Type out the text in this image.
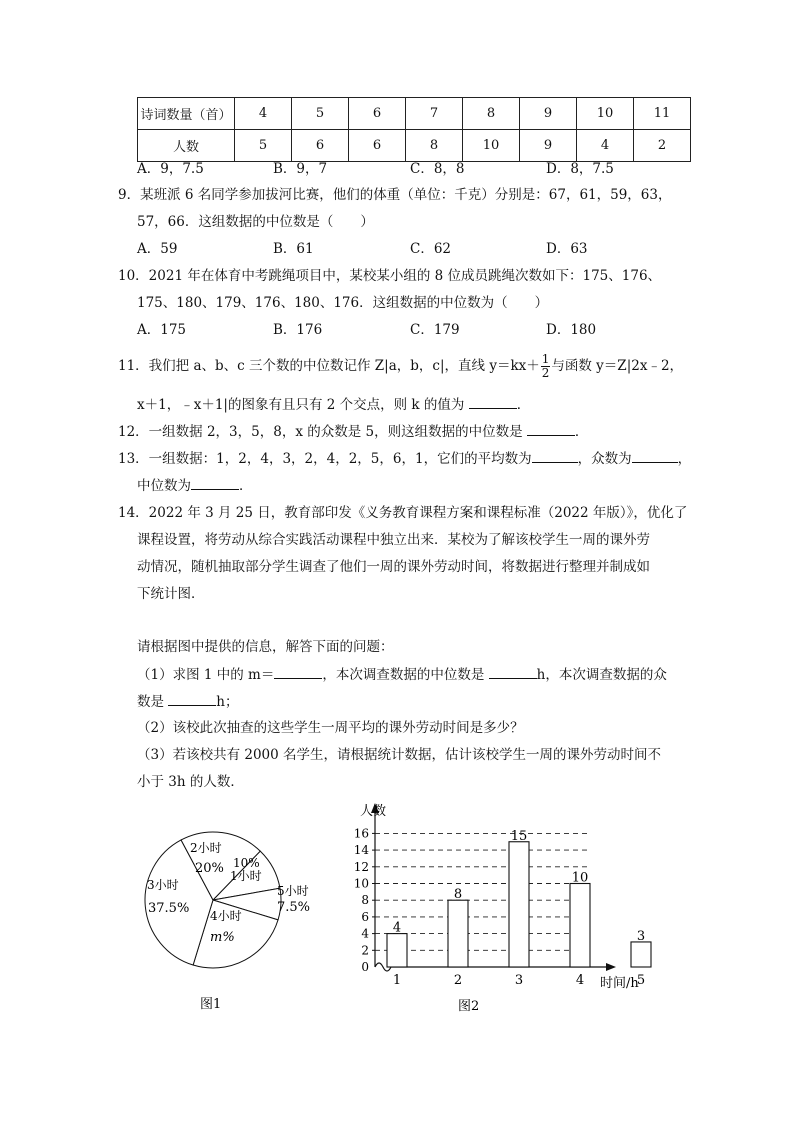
诗词数量（首）	4	5	6	7	8	9	10	11
人数	5	6	6	8	10	9	4	2
A．9，7.5	B．9，7	C．8，8	D．8，7.5
9．某班派 6 名同学参加拔河比赛，他们的体重（单位：千克）分别是：67，61，59，63，
57，66．这组数据的中位数是（　　）
A．59	B．61	C．62	D．63
10．2021 年在体育中考跳绳项目中，某校某小组的 8 位成员跳绳次数如下：175、176、
175、180、179、176、180、176．这组数据的中位数为（　　）
A．175	B．176	C．179	D．180
11．我们把 a、b、c 三个数的中位数记作 Z|a，b，c|，直线 $y=kx+ \frac{1}{2}$ 与函数 y＝Z|2x﹣2，
x＋1，﹣x＋1|的图象有且只有 2 个交点，则 k 的值为	．
12．一组数据 2，3，5，8，x 的众数是 5，则这组数据的中位数是	．
13．一组数据：1，2，4，3，2，4，2，5，6，1，它们的平均数为	，众数为	，
中位数为	．
14．2022 年 3 月 25 日，教育部印发《义务教育课程方案和课程标准（2022 年版）》，优化了
课程设置，将劳动从综合实践活动课程中独立出来．某校为了解该校学生一周的课外劳
动情况，随机抽取部分学生调查了他们一周的课外劳动时间，将数据进行整理并制成如
下统计图．
请根据图中提供的信息，解答下面的问题：
（1）求图 1 中的 m＝	，本次调查数据的中位数是	h，本次调查数据的众
数是	h；
（2）该校此次抽查的这些学生一周平均的课外劳动时间是多少？
（3）若该校共有 2000 名学生，请根据统计数据，估计该校学生一周的课外劳动时间不
小于 3h 的人数．
2小时
20% 10%
1小时
3小时
37.5% 4小时
m%
5小时
7.5%
图1
0
2
4
6
8
10
12
14
16
4
1
8
2
15
3
10
4
3
5
人数
时间/h
图2
